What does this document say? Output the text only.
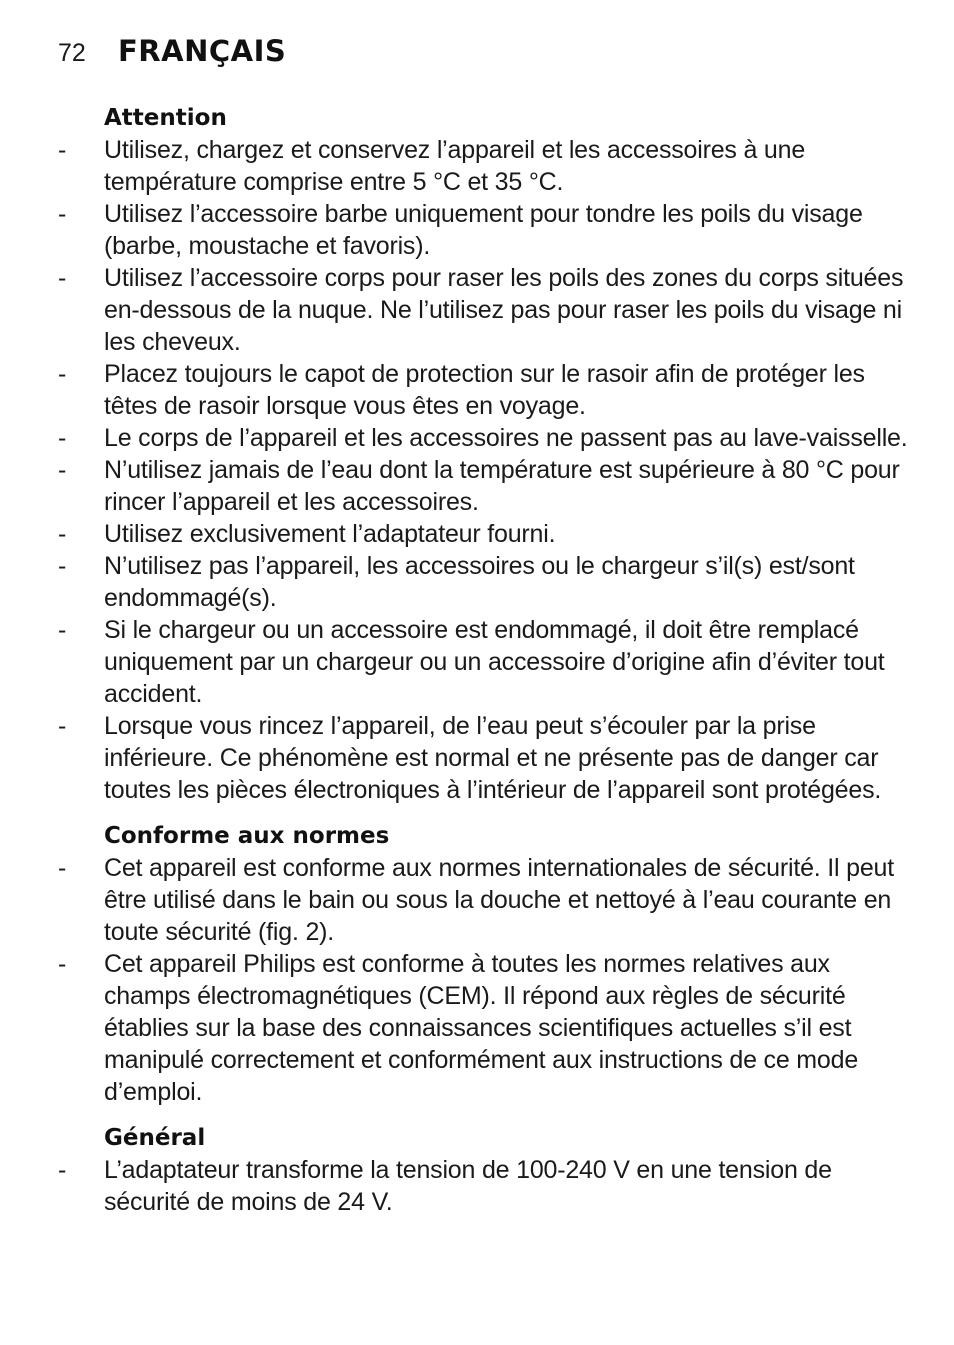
72	FRANÇAIS
Attention
-	Utilisez, chargez et conservez l’appareil et les accessoires à une température comprise entre 5 °C et 35 °C.
-	Utilisez l’accessoire barbe uniquement pour tondre les poils du visage (barbe, moustache et favoris).
-	Utilisez l’accessoire corps pour raser les poils des zones du corps situées en-dessous de la nuque. Ne l’utilisez pas pour raser les poils du visage ni les cheveux.
-	Placez toujours le capot de protection sur le rasoir afin de protéger les têtes de rasoir lorsque vous êtes en voyage.
-	Le corps de l’appareil et les accessoires ne passent pas au lave-vaisselle.
-	N’utilisez jamais de l’eau dont la température est supérieure à 80 °C pour rincer l’appareil et les accessoires.
-	Utilisez exclusivement l’adaptateur fourni.
-	N’utilisez pas l’appareil, les accessoires ou le chargeur s’il(s) est/sont endommagé(s).
-	Si le chargeur ou un accessoire est endommagé, il doit être remplacé uniquement par un chargeur ou un accessoire d’origine afin d’éviter tout accident.
-	Lorsque vous rincez l’appareil, de l’eau peut s’écouler par la prise inférieure. Ce phénomène est normal et ne présente pas de danger car toutes les pièces électroniques à l’intérieur de l’appareil sont protégées.
Conforme aux normes
-	Cet appareil est conforme aux normes internationales de sécurité. Il peut être utilisé dans le bain ou sous la douche et nettoyé à l’eau courante en toute sécurité (fig. 2).
-	Cet appareil Philips est conforme à toutes les normes relatives aux champs électromagnétiques (CEM). Il répond aux règles de sécurité établies sur la base des connaissances scientifiques actuelles s’il est manipulé correctement et conformément aux instructions de ce mode d’emploi.
Général
-	L’adaptateur transforme la tension de 100-240 V en une tension de sécurité de moins de 24 V.
